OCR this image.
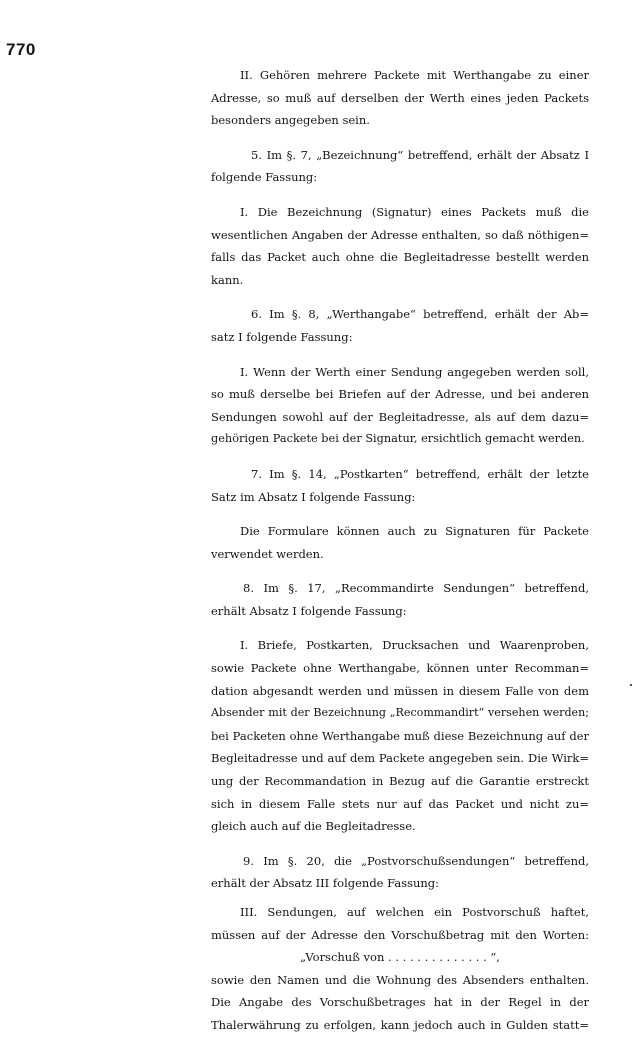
770
II. Gehören mehrere Packete mit Werthangabe zu einer
Adresse, so muß auf derselben der Werth eines jeden Packets
besonders angegeben sein.
5. Im §. 7, „Bezeichnung“ betreffend, erhält der Absatz I
folgende Fassung:
I. Die Bezeichnung (Signatur) eines Packets muß die
wesentlichen Angaben der Adresse enthalten, so daß nöthigen=
falls das Packet auch ohne die Begleitadresse bestellt werden
kann.
6. Im §. 8, „Werthangabe“ betreffend, erhält der Ab=
satz I folgende Fassung:
I. Wenn der Werth einer Sendung angegeben werden soll,
so muß derselbe bei Briefen auf der Adresse, und bei anderen
Sendungen sowohl auf der Begleitadresse, als auf dem dazu=
gehörigen Packete bei der Signatur, ersichtlich gemacht werden.
7. Im §. 14, „Postkarten“ betreffend, erhält der letzte
Satz im Absatz I folgende Fassung:
Die Formulare können auch zu Signaturen für Packete
verwendet werden.
8. Im §. 17, „Recommandirte Sendungen“ betreffend,
erhält Absatz I folgende Fassung:
I. Briefe, Postkarten, Drucksachen und Waarenproben,
sowie Packete ohne Werthangabe, können unter Recomman=
dation abgesandt werden und müssen in diesem Falle von dem
Absender mit der Bezeichnung „Recommandirt“ versehen werden;
bei Packeten ohne Werthangabe muß diese Bezeichnung auf der
Begleitadresse und auf dem Packete angegeben sein. Die Wirk=
ung der Recommandation in Bezug auf die Garantie erstreckt
sich in diesem Falle stets nur auf das Packet und nicht zu=
gleich auch auf die Begleitadresse.
9. Im §. 20, die „Postvorschußsendungen“ betreffend,
erhält der Absatz III folgende Fassung:
III. Sendungen, auf welchen ein Postvorschuß haftet,
müssen auf der Adresse den Vorschußbetrag mit den Worten:
„Vorschuß von . . . . . . . . . . . . . . “,
sowie den Namen und die Wohnung des Absenders enthalten.
Die Angabe des Vorschußbetrages hat in der Regel in der
Thalerwährung zu erfolgen, kann jedoch auch in Gulden statt=
